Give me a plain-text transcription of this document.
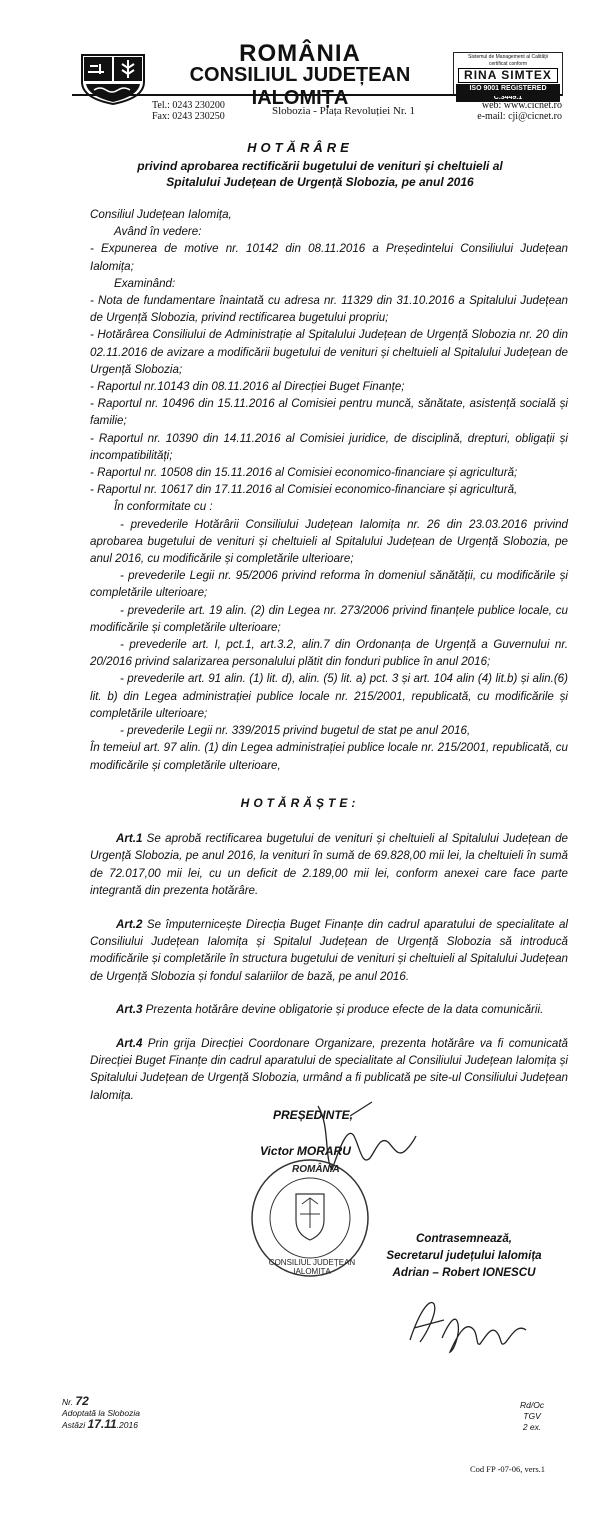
ROMÂNIA
CONSILIUL JUDEȚEAN IALOMIȚA
Sistemul de Management al Calității
certificat conform
RINA SIMTEX
ISO 9001 REGISTERED C.3449.1
Tel.: 0243 230200
Fax: 0243 230250	Slobozia - Piața Revoluției Nr. 1	web: www.cicnet.ro
e-mail: cji@cicnet.ro
HOTĂRÂRE
privind aprobarea rectificării bugetului de venituri și cheltuieli al
Spitalului Județean de Urgență Slobozia, pe anul 2016

Consiliul Județean Ialomița,

Având în vedere:

- Expunerea de motive nr. 10142 din 08.11.2016 a Președintelui Consiliului Județean Ialomița;

Examinând:

- Nota de fundamentare înaintată cu adresa nr. 11329 din 31.10.2016 a Spitalului Județean de Urgență Slobozia, privind rectificarea bugetului propriu;

- Hotărârea Consiliului de Administrație al Spitalului Județean de Urgență Slobozia nr. 20 din 02.11.2016 de avizare a modificării bugetului de venituri și cheltuieli al Spitalului Județean de Urgență Slobozia;

- Raportul nr.10143 din 08.11.2016 al Direcției Buget Finanțe;

- Raportul nr. 10496 din 15.11.2016 al Comisiei pentru muncă, sănătate, asistență socială și familie;

- Raportul nr. 10390 din 14.11.2016 al Comisiei juridice, de disciplină, drepturi, obligații și incompatibilități;

- Raportul nr. 10508 din 15.11.2016 al Comisiei economico-financiare și agricultură;

- Raportul nr. 10617 din 17.11.2016 al Comisiei economico-financiare și agricultură,

În conformitate cu :

- prevederile Hotărârii Consiliului Județean Ialomița nr. 26 din 23.03.2016 privind aprobarea bugetului de venituri și cheltuieli al Spitalului Județean de Urgență Slobozia, pe anul 2016, cu modificările și completările ulterioare;

- prevederile Legii nr. 95/2006 privind reforma în domeniul sănătății, cu modificările și completările ulterioare;

- prevederile art. 19 alin. (2) din Legea nr. 273/2006 privind finanțele publice locale, cu modificările și completările ulterioare;

- prevederile art. I, pct.1, art.3.2, alin.7 din Ordonanța de Urgență a Guvernului nr. 20/2016 privind salarizarea personalului plătit din fonduri publice în anul 2016;

- prevederile art. 91 alin. (1) lit. d), alin. (5) lit. a) pct. 3 și art. 104 alin (4) lit.b) și alin.(6) lit. b) din Legea administrației publice locale nr. 215/2001, republicată, cu modificările și completările ulterioare;

- prevederile Legii nr. 339/2015 privind bugetul de stat pe anul 2016,

În temeiul art. 97 alin. (1) din Legea administrației publice locale nr. 215/2001, republicată, cu modificările și completările ulterioare,

HOTĂRĂȘTE:

Art.1 Se aprobă rectificarea bugetului de venituri și cheltuieli al Spitalului Județean de Urgență Slobozia, pe anul 2016, la venituri în sumă de 69.828,00 mii lei, la cheltuieli în sumă de 72.017,00 mii lei, cu un deficit de 2.189,00 mii lei, conform anexei care face parte integrantă din prezenta hotărâre.

Art.2 Se împuternicește Direcția Buget Finanțe din cadrul aparatului de specialitate al Consiliului Județean Ialomița și Spitalul Județean de Urgență Slobozia să introducă modificările și completările în structura bugetului de venituri și cheltuieli al Spitalului Județean de Urgență Slobozia și fondul salariilor de bază, pe anul 2016.

Art.3 Prezenta hotărâre devine obligatorie și produce efecte de la data comunicării.

Art.4 Prin grija Direcției Coordonare Organizare, prezenta hotărâre va fi comunicată Direcției Buget Finanțe din cadrul aparatului de specialitate al Consiliului Județean Ialomița și Spitalului Județean de Urgență Slobozia, urmând a fi publicată pe site-ul Consiliului Județean Ialomița.

PREȘEDINTE,
Victor MORARU
ROMÂNIA
CONSILIUL JUDEȚEAN IALOMIȚA
Contrasemnează,
Secretarul județului Ialomița
Adrian – Robert IONESCU
Nr. 72
Adoptată la Slobozia
Astăzi 17.11.2016
Rd/Oc
TGV
2 ex.
Cod FP -07-06, vers.1
